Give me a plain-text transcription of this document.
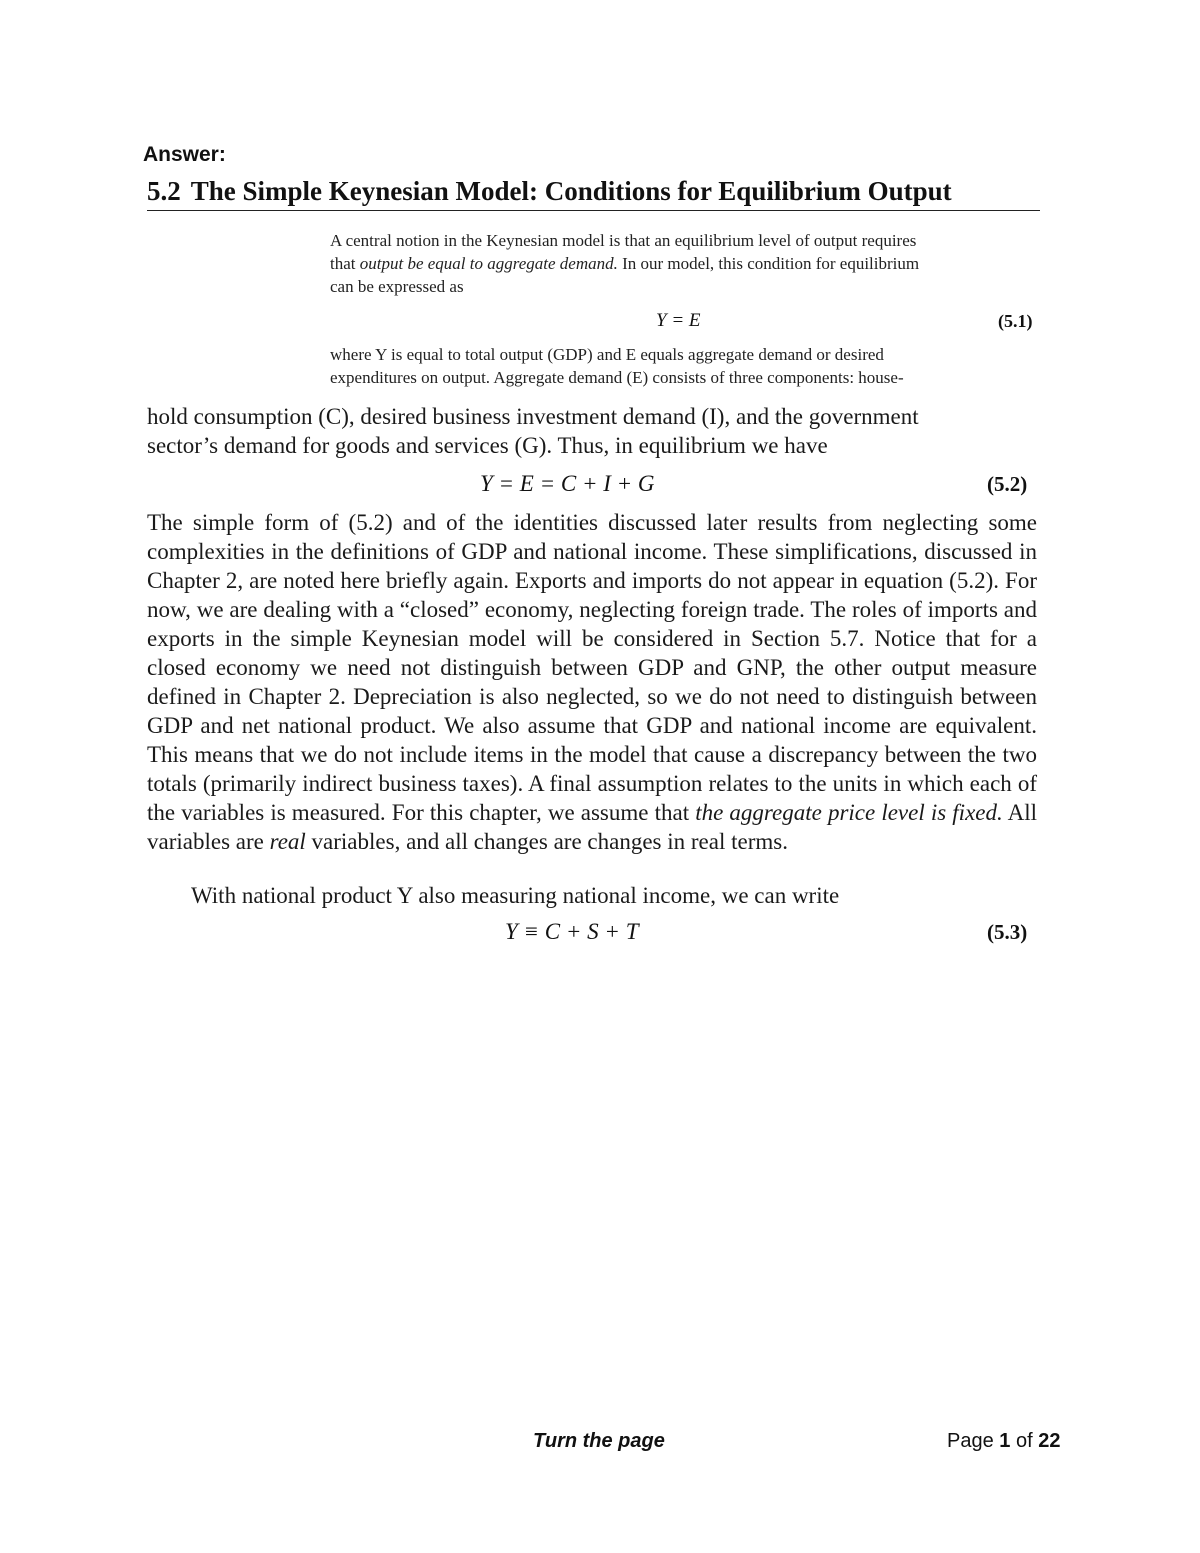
Answer:
5.2 The Simple Keynesian Model: Conditions for Equilibrium Output
A central notion in the Keynesian model is that an equilibrium level of output requires
that output be equal to aggregate demand. In our model, this condition for equilibrium
can be expressed as
Y = E	(5.1)
where Y is equal to total output (GDP) and E equals aggregate demand or desired
expenditures on output. Aggregate demand (E) consists of three components: house-
hold consumption (C), desired business investment demand (I), and the government
sector’s demand for goods and services (G). Thus, in equilibrium we have
Y = E = C + I + G	(5.2)
The simple form of (5.2) and of the identities discussed later results from neglecting some complexities in the definitions of GDP and national income. These simplifications, discussed in Chapter 2, are noted here briefly again. Exports and imports do not appear in equation (5.2). For now, we are dealing with a “closed” economy, neglecting foreign trade. The roles of imports and exports in the simple Keynesian model will be considered in Section 5.7. Notice that for a closed economy we need not distinguish between GDP and GNP, the other output measure defined in Chapter 2. Depreciation is also neglected, so we do not need to distinguish between GDP and net national product. We also assume that GDP and national income are equivalent. This means that we do not include items in the model that cause a discrepancy between the two totals (primarily indirect business taxes). A final assumption relates to the units in which each of the variables is measured. For this chapter, we assume that the aggregate price level is fixed. All variables are real variables, and all changes are changes in real terms.
With national product Y also measuring national income, we can write
Y ≡ C + S + T	(5.3)
Turn the page	Page 1 of 22
